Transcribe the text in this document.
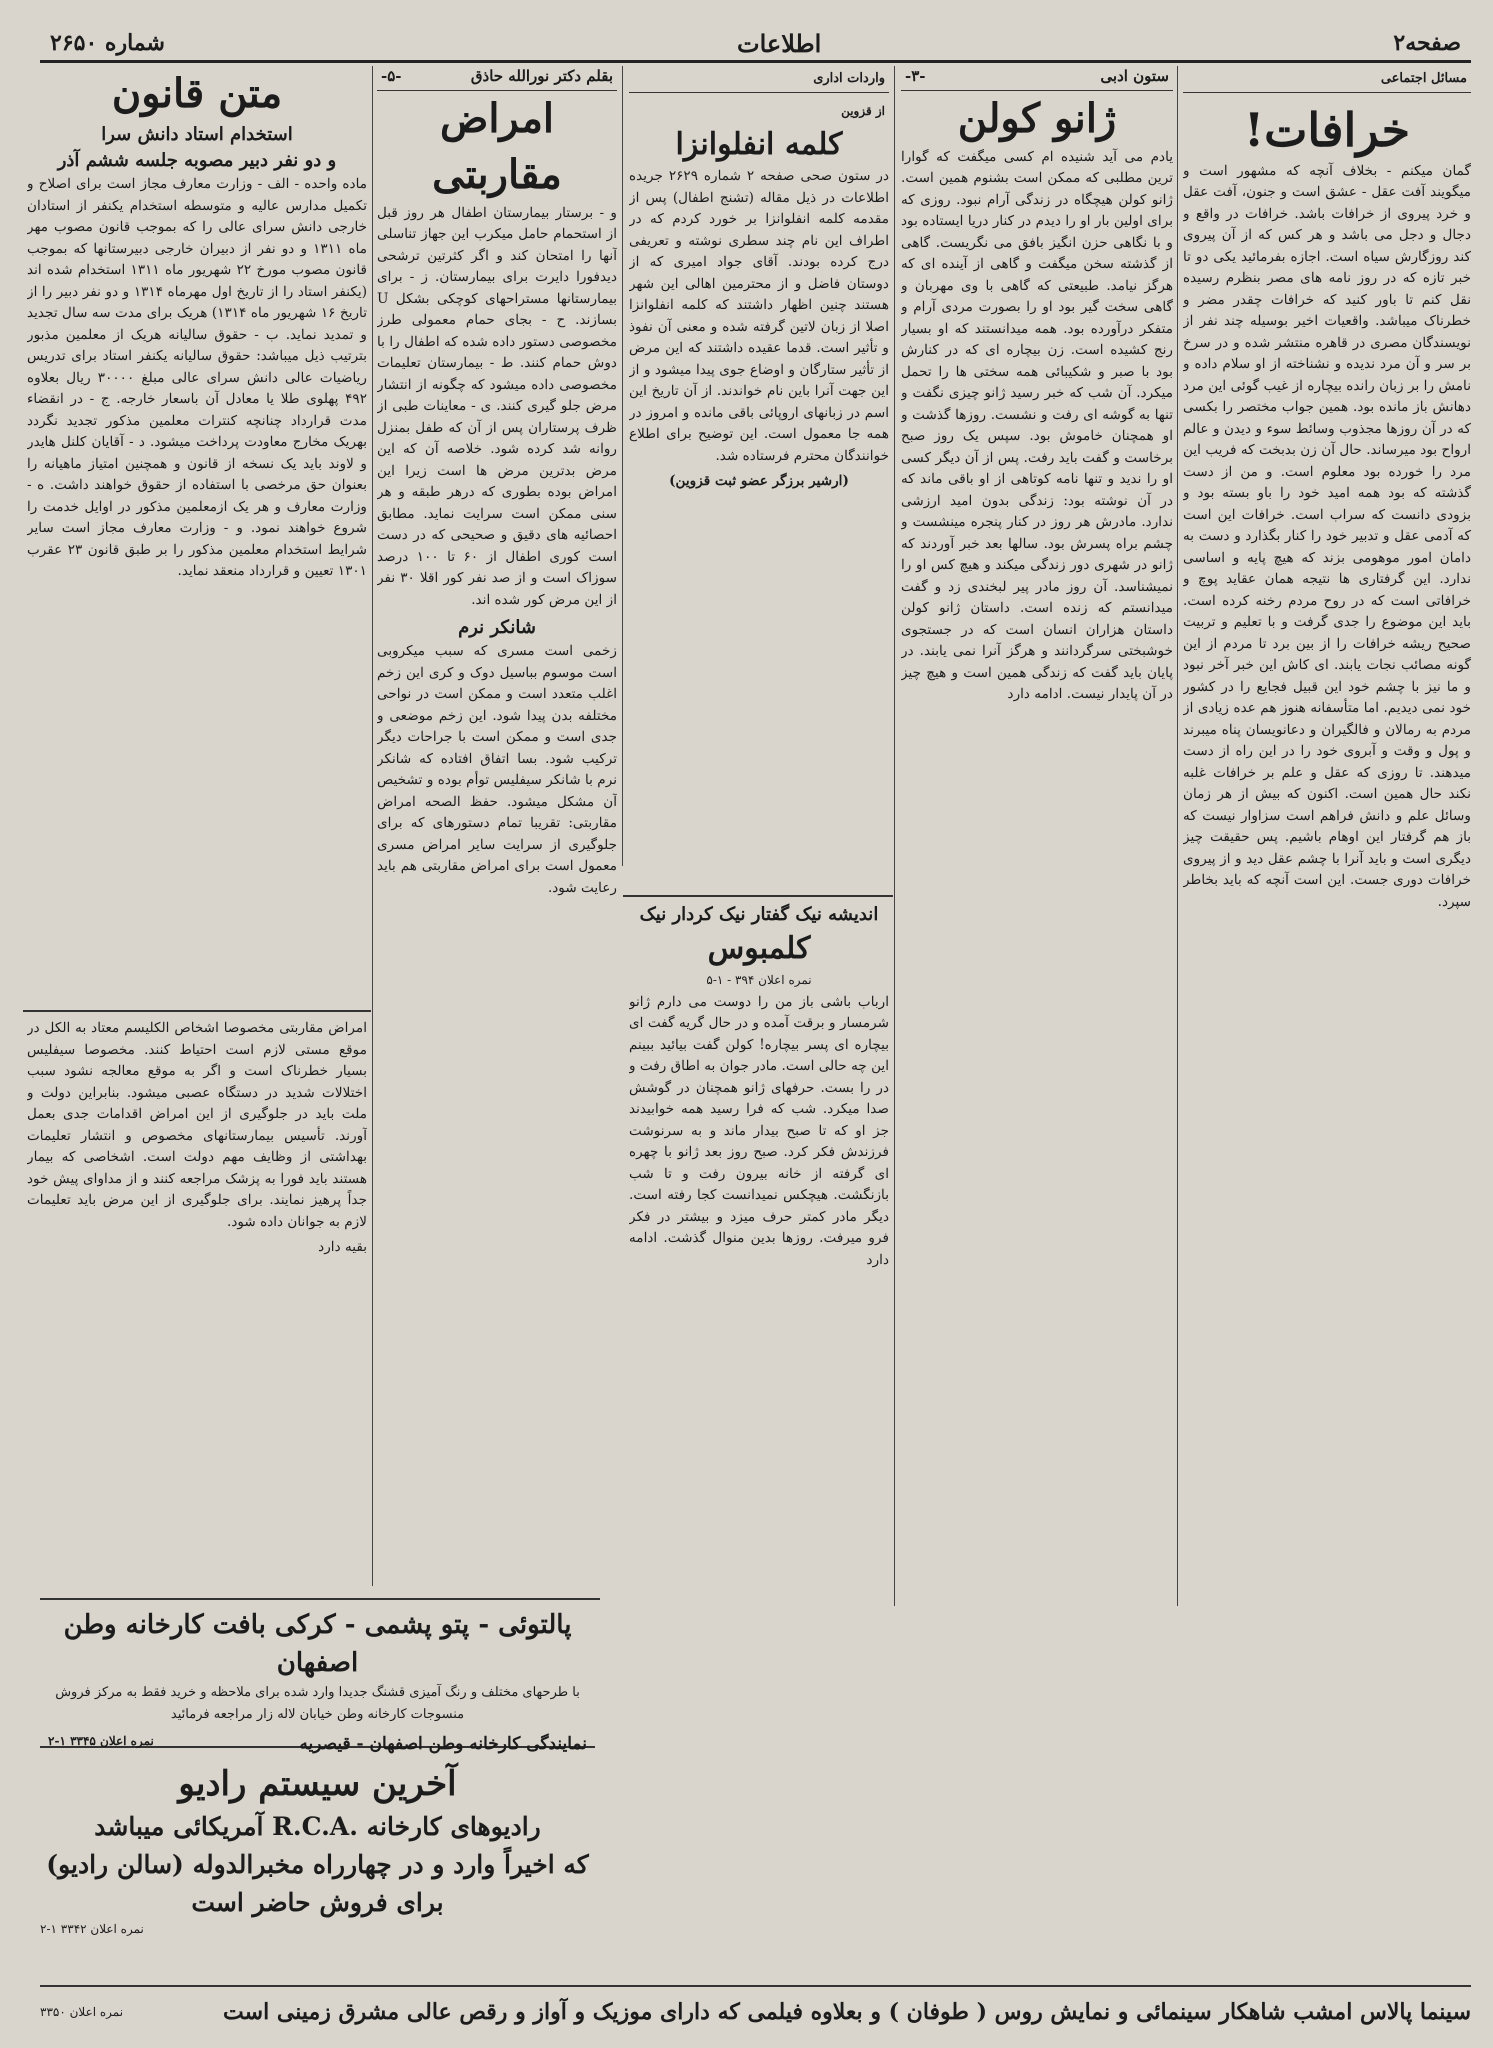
صفحه۲
اطلاعات
شماره ۲۶۵۰
مسائل اجتماعی
خرافات!

گمان میکنم - بخلاف آنچه که مشهور است و میگویند آفت عقل - عشق است و جنون، آفت عقل و خرد پیروی از خرافات باشد. خرافات در واقع و دجال و دجل می باشد و هر کس که از آن پیروی کند روزگارش سیاه است. اجازه بفرمائید یکی دو تا خبر تازه که در روز نامه های مصر بنظرم رسیده نقل کنم تا باور کنید که خرافات چقدر مضر و خطرناک میباشد. واقعیات اخیر بوسیله چند نفر از نویسندگان مصری در قاهره منتشر شده و در سرخ بر سر و آن مرد ندیده و نشناخته از او سلام داده و نامش را بر زبان رانده بیچاره از غیب گوئی این مرد دهانش باز مانده بود. همین جواب مختصر را بکسی که در آن روزها مجذوب وسائط سوء و دیدن و عالم ارواح بود میرساند. حال آن زن بدبخت که فریب این مرد را خورده بود معلوم است. و من از دست گذشته که بود همه امید خود را باو بسته بود و بزودی دانست که سراب است. خرافات این است که آدمی عقل و تدبیر خود را کنار بگذارد و دست به دامان امور موهومی بزند که هیچ پایه و اساسی ندارد. این گرفتاری ها نتیجه همان عقاید پوچ و خرافاتی است که در روح مردم رخنه کرده است. باید این موضوع را جدی گرفت و با تعلیم و تربیت صحیح ریشه خرافات را از بین برد تا مردم از این گونه مصائب نجات یابند. ای کاش این خبر آخر نبود و ما نیز با چشم خود این قبیل فجایع را در کشور خود نمی دیدیم. اما متأسفانه هنوز هم عده زیادی از مردم به رمالان و فالگیران و دعانویسان پناه میبرند و پول و وقت و آبروی خود را در این راه از دست میدهند. تا روزی که عقل و علم بر خرافات غلبه نکند حال همین است. اکنون که بیش از هر زمان وسائل علم و دانش فراهم است سزاوار نیست که باز هم گرفتار این اوهام باشیم. پس حقیقت چیز دیگری است و باید آنرا با چشم عقل دید و از پیروی خرافات دوری جست. این است آنچه که باید بخاطر سپرد.

ستون ادبی
-۳-
ژانو کولن

یادم می آید شنیده ام کسی میگفت که گوارا ترین مطلبی که ممکن است بشنوم همین است. ژانو کولن هیچگاه در زندگی آرام نبود. روزی که برای اولین بار او را دیدم در کنار دریا ایستاده بود و با نگاهی حزن انگیز بافق می نگریست. گاهی از گذشته سخن میگفت و گاهی از آینده ای که هرگز نیامد. طبیعتی که گاهی با وی مهربان و گاهی سخت گیر بود او را بصورت مردی آرام و متفکر درآورده بود. همه میدانستند که او بسیار رنج کشیده است. زن بیچاره ای که در کنارش بود با صبر و شکیبائی همه سختی ها را تحمل میکرد. آن شب که خبر رسید ژانو چیزی نگفت و تنها به گوشه ای رفت و نشست. روزها گذشت و او همچنان خاموش بود. سپس یک روز صبح برخاست و گفت باید رفت. پس از آن دیگر کسی او را ندید و تنها نامه کوتاهی از او باقی ماند که در آن نوشته بود: زندگی بدون امید ارزشی ندارد. مادرش هر روز در کنار پنجره مینشست و چشم براه پسرش بود. سالها بعد خبر آوردند که ژانو در شهری دور زندگی میکند و هیچ کس او را نمیشناسد. آن روز مادر پیر لبخندی زد و گفت میدانستم که زنده است. داستان ژانو کولن داستان هزاران انسان است که در جستجوی خوشبختی سرگردانند و هرگز آنرا نمی یابند. در پایان باید گفت که زندگی همین است و هیچ چیز در آن پایدار نیست. ادامه دارد

واردات اداری
از قزوین
کلمه انفلوانزا

در ستون صحی صفحه ۲ شماره ۲۶۲۹ جریده اطلاعات در ذیل مقاله (تشنج اطفال) پس از مقدمه کلمه انفلوانزا بر خورد کردم که در اطراف این نام چند سطری نوشته و تعریفی درج کرده بودند. آقای جواد امیری که از دوستان فاضل و از محترمین اهالی این شهر هستند چنین اظهار داشتند که کلمه انفلوانزا اصلا از زبان لاتین گرفته شده و معنی آن نفوذ و تأثیر است. قدما عقیده داشتند که این مرض از تأثیر ستارگان و اوضاع جوی پیدا میشود و از این جهت آنرا باین نام خواندند. از آن تاریخ این اسم در زبانهای اروپائی باقی مانده و امروز در همه جا معمول است. این توضیح برای اطلاع خوانندگان محترم فرستاده شد.

(ارشیر برزگر عضو ثبت قزوین)

اندیشه نیک گفتار نیک کردار نیک
کلمبوس
نمره اعلان ۳۹۴ - ۱-۵

ارباب باشی باز من را دوست می دارم ژانو شرمسار و برقت آمده و در حال گریه گفت ای بیچاره ای پسر بیچاره! کولن گفت بیائید ببینم این چه حالی است. مادر جوان به اطاق رفت و در را بست. حرفهای ژانو همچنان در گوشش صدا میکرد. شب که فرا رسید همه خوابیدند جز او که تا صبح بیدار ماند و به سرنوشت فرزندش فکر کرد. صبح روز بعد ژانو با چهره ای گرفته از خانه بیرون رفت و تا شب بازنگشت. هیچکس نمیدانست کجا رفته است. دیگر مادر کمتر حرف میزد و بیشتر در فکر فرو میرفت. روزها بدین منوال گذشت. ادامه دارد

بقلم دکتر نورالله حاذق
-۵-
امراض مقاربتی

و - برستار بیمارستان اطفال هر روز قبل از استحمام حامل میکرب این جهاز تناسلی آنها را امتحان کند و اگر کثرتین ترشحی دیدفورا دایرت برای بیمارستان. ز - برای بیمارستانها مستراحهای کوچکی بشکل U بسازند. ح - بجای حمام معمولی طرز مخصوصی دستور داده شده که اطفال را با دوش حمام کنند. ط - بیمارستان تعلیمات مخصوصی داده میشود که چگونه از انتشار مرض جلو گیری کنند. ی - معاینات طبی از ظرف پرستاران پس از آن که طفل بمنزل روانه شد کرده شود. خلاصه آن که این مرض بدترین مرض ها است زیرا این امراض بوده بطوری که درهر طبقه و هر سنی ممکن است سرایت نماید. مطابق احصائیه های دقیق و صحیحی که در دست است کوری اطفال از ۶۰ تا ۱۰۰ درصد سوزاک است و از صد نفر کور اقلا ۳۰ نفر از این مرض کور شده اند.

شانکر نرم

زخمی است مسری که سبب میکروبی است موسوم بباسیل دوک و کری این زخم اغلب متعدد است و ممکن است در نواحی مختلفه بدن پیدا شود. این زخم موضعی و جدی است و ممکن است با جراحات دیگر ترکیب شود. بسا اتفاق افتاده که شانکر نرم با شانکر سیفلیس توأم بوده و تشخیص آن مشکل میشود. حفظ الصحه امراض مقاربتی: تقریبا تمام دستورهای که برای جلوگیری از سرایت سایر امراض مسری معمول است برای امراض مقاربتی هم باید رعایت شود.

متن قانون
استخدام استاد دانش سرا
و دو نفر دبیر مصوبه جلسه ششم آذر

ماده واحده - الف - وزارت معارف مجاز است برای اصلاح و تکمیل مدارس عالیه و متوسطه استخدام یکنفر از استادان خارجی دانش سرای عالی را که بموجب قانون مصوب مهر ماه ۱۳۱۱ و دو نفر از دبیران خارجی دبیرستانها که بموجب قانون مصوب مورخ ۲۲ شهریور ماه ۱۳۱۱ استخدام شده اند (یکنفر استاد را از تاریخ اول مهرماه ۱۳۱۴ و دو نفر دبیر را از تاریخ ۱۶ شهریور ماه ۱۳۱۴) هریک برای مدت سه سال تجدید و تمدید نماید. ب - حقوق سالیانه هریک از معلمین مذبور بترتیب ذیل میباشد: حقوق سالیانه یکنفر استاد برای تدریس ریاضیات عالی دانش سرای عالی مبلغ ۳۰۰۰۰ ریال بعلاوه ۴۹۲ پهلوی طلا یا معادل آن باسعار خارجه. ج - در انقضاء مدت قرارداد چنانچه کنترات معلمین مذکور تجدید نگردد بهریک مخارج معاودت پرداخت میشود. د - آقایان کلنل هایدر و لاوند باید یک نسخه از قانون و همچنین امتیاز ماهیانه را بعنوان حق مرخصی با استفاده از حقوق خواهند داشت. ه - وزارت معارف و هر یک ازمعلمین مذکور در اوایل خدمت را شروع خواهند نمود. و - وزارت معارف مجاز است سایر شرایط استخدام معلمین مذکور را بر طبق قانون ۲۳ عقرب ۱۳۰۱ تعیین و قرارداد منعقد نماید.

امراض مقاربتی مخصوصا اشخاص الکلیسم معتاد به الکل در موقع مستی لازم است احتیاط کنند. مخصوصا سیفلیس بسیار خطرناک است و اگر به موقع معالجه نشود سبب اختلالات شدید در دستگاه عصبی میشود. بنابراین دولت و ملت باید در جلوگیری از این امراض اقدامات جدی بعمل آورند. تأسیس بیمارستانهای مخصوص و انتشار تعلیمات بهداشتی از وظایف مهم دولت است. اشخاصی که بیمار هستند باید فورا به پزشک مراجعه کنند و از مداوای پیش خود جداً پرهیز نمایند. برای جلوگیری از این مرض باید تعلیمات لازم به جوانان داده شود.

بقیه دارد

پالتوئی - پتو پشمی - کرکی بافت کارخانه وطن اصفهان
با طرحهای مختلف و رنگ آمیزی قشنگ جدیدا وارد شده برای ملاحظه و خرید فقط به مرکز فروش منسوجات کارخانه وطن خیابان لاله زار مراجعه فرمائید
نمایندگی کارخانه وطن اصفهان - قیصریه
نمره اعلان ۳۳۴۵ ۱-۲
آخرین سیستم رادیو
رادیوهای کارخانه .R.C.A آمریکائی میباشد
که اخیراً وارد و در چهارراه مخبرالدوله (سالن رادیو)
برای فروش حاضر است
نمره اعلان ۳۳۴۲ ۱-۲
سینما پالاس امشب شاهکار سینمائی و نمایش روس ( طوفان ) و بعلاوه فیلمی که دارای موزیک و آواز و رقص عالی مشرق زمینی است
نمره اعلان ۳۳۵۰
